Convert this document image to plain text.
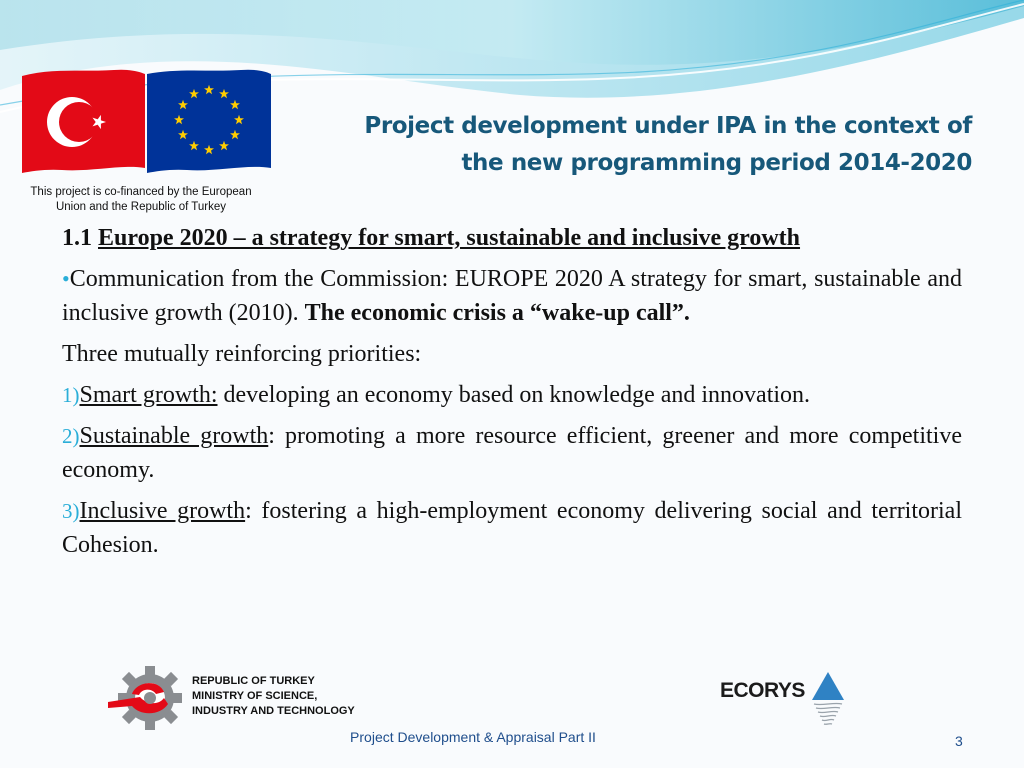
This project is co-financed by the European
Union and the Republic of Turkey
Project development under IPA in the context of
the new programming period 2014-2020

1.1 Europe 2020 – a strategy for smart, sustainable and inclusive growth

•Communication from the Commission: EUROPE 2020 A strategy for smart, sustainable and inclusive growth (2010). The economic crisis a “wake-up call”.

Three mutually reinforcing priorities:

1)Smart growth: developing an economy based on knowledge and innovation.

2)Sustainable growth: promoting a more resource efficient, greener and more competitive economy.

3)Inclusive growth: fostering a high-employment economy delivering social and territorial Cohesion.

REPUBLIC OF TURKEY
MINISTRY OF SCIENCE,
INDUSTRY AND TECHNOLOGY
ECORYS
Project Development & Appraisal Part II	3
